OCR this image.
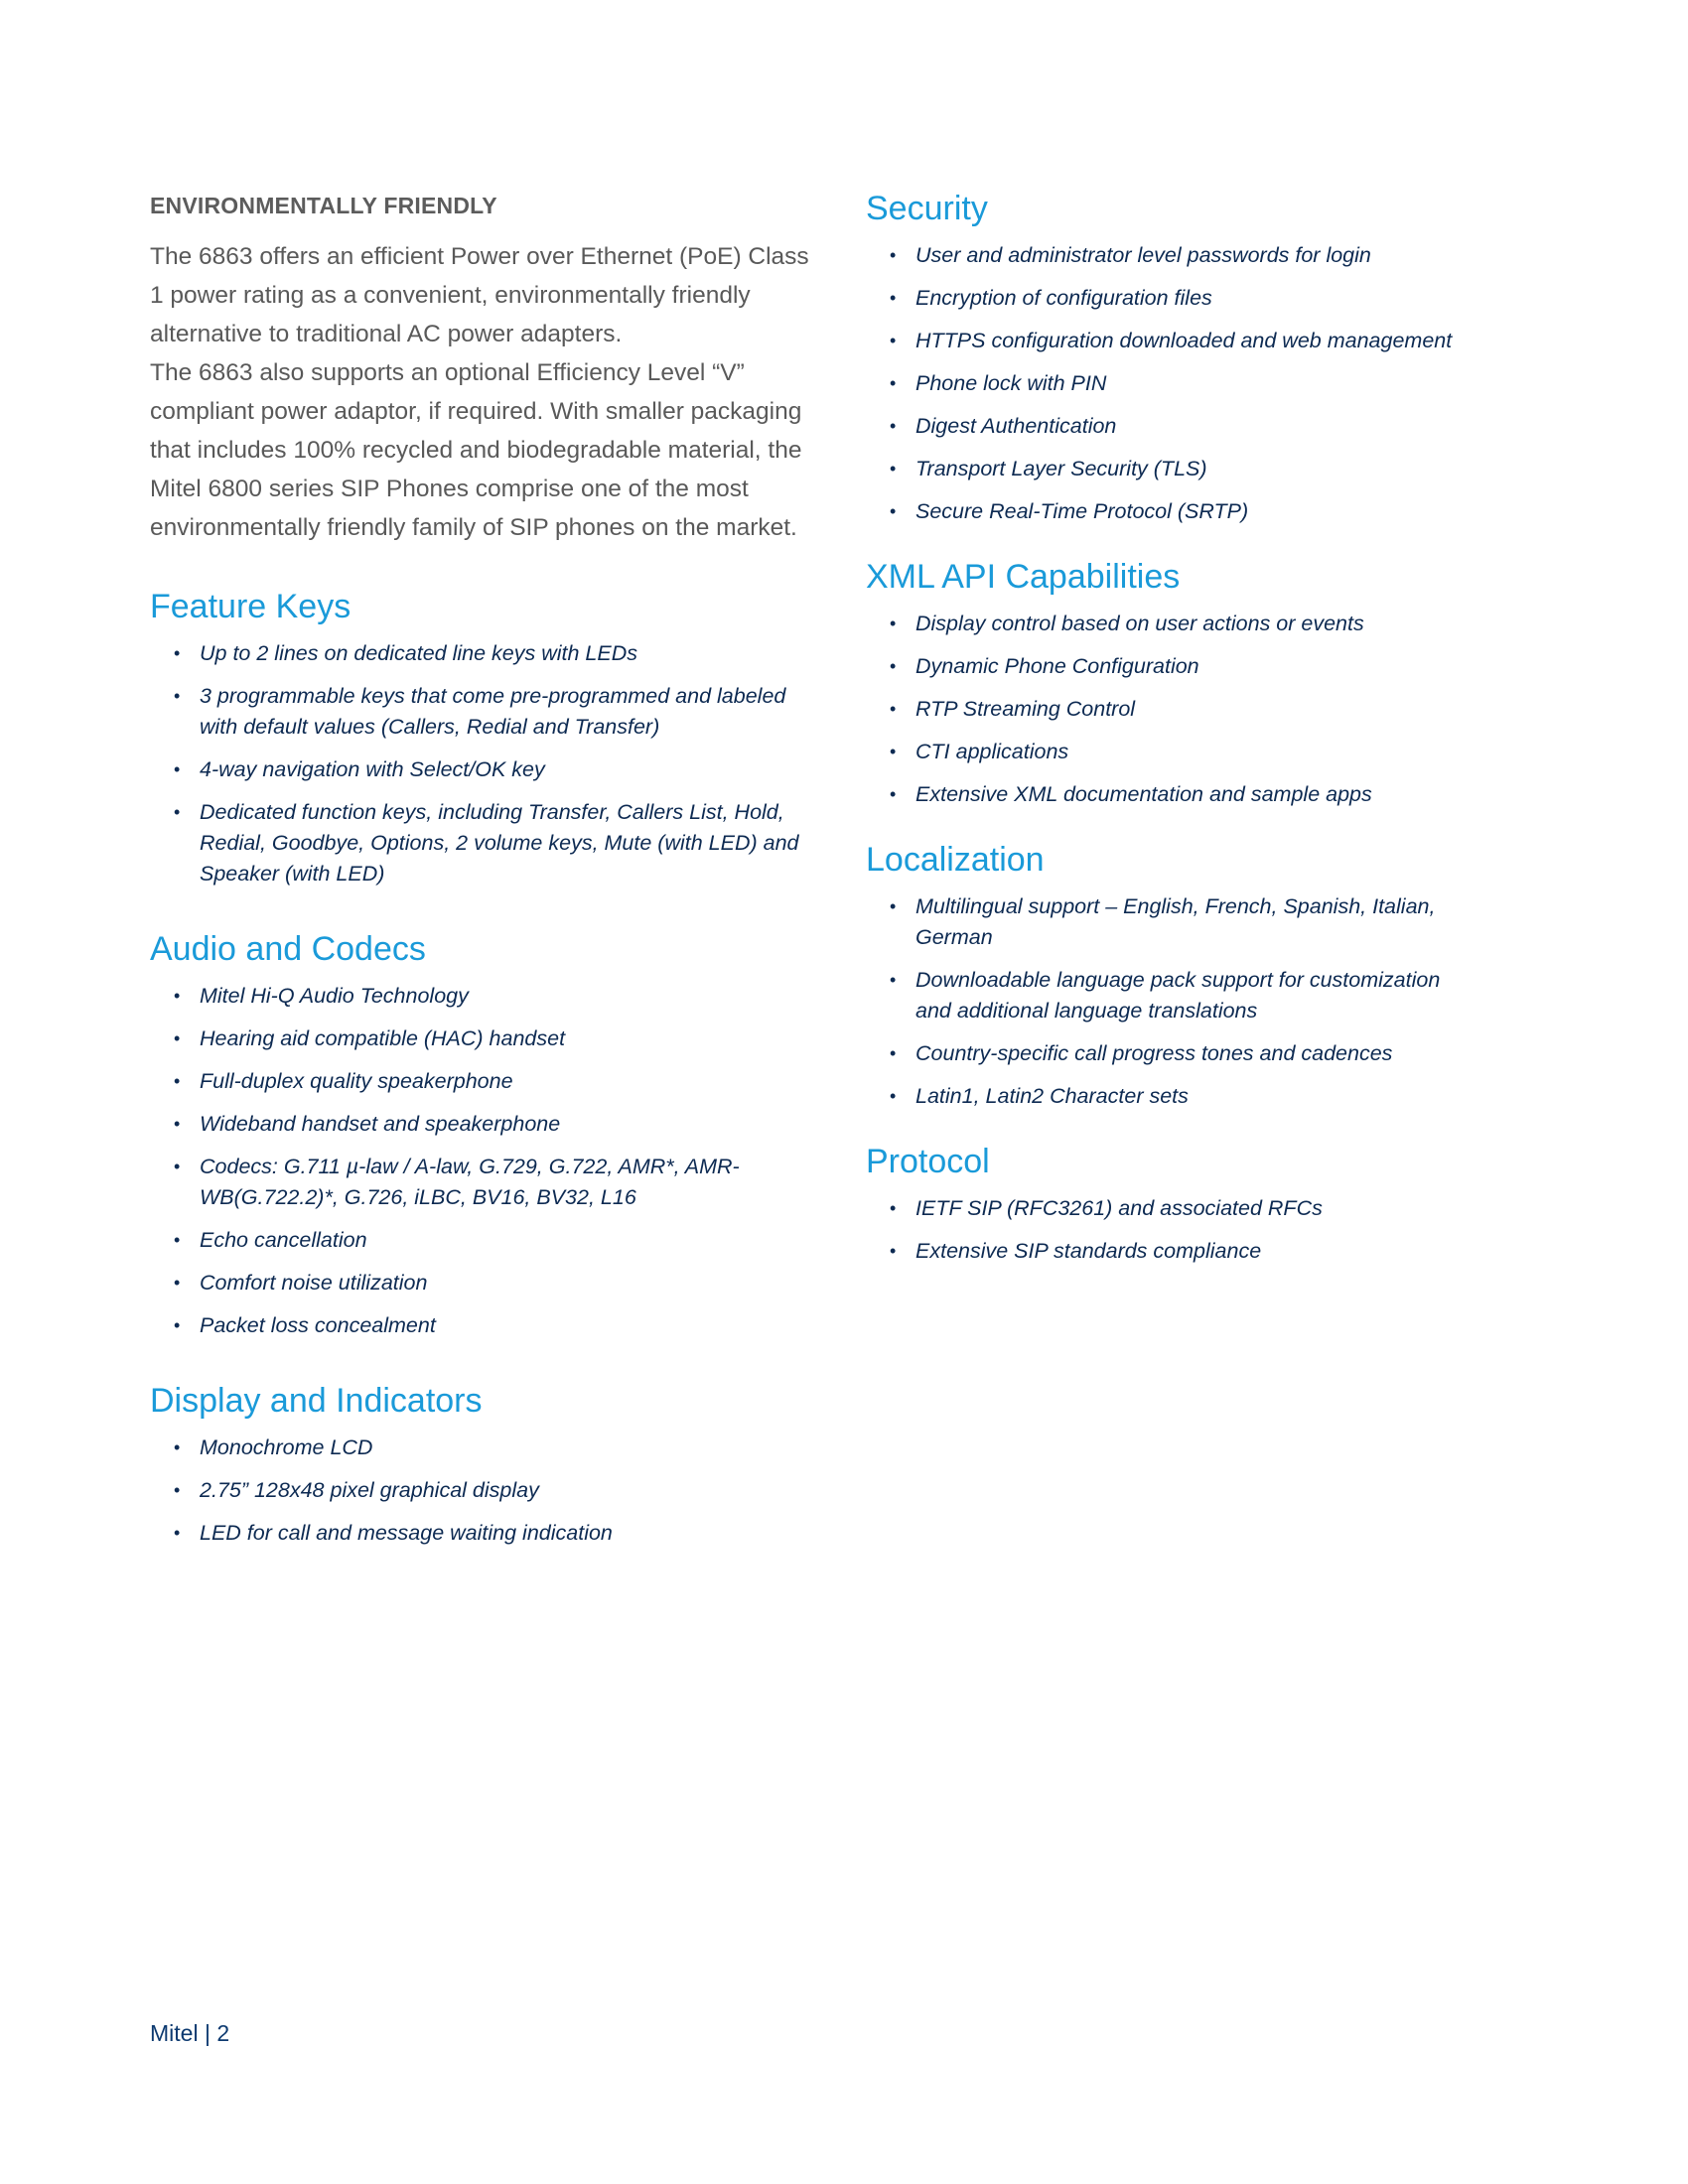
ENVIRONMENTALLY FRIENDLY

The 6863 offers an efficient Power over Ethernet (PoE) Class 1 power rating as a convenient, environmentally friendly alternative to traditional AC power adapters.

The 6863 also supports an optional Efficiency Level “V” compliant power adaptor, if required. With smaller packaging that includes 100% recycled and biodegradable material, the Mitel 6800 series SIP Phones comprise one of the most environmentally friendly family of SIP phones on the market.

Feature Keys
• Up to 2 lines on dedicated line keys with LEDs
• 3 programmable keys that come pre-programmed and labeled with default values (Callers, Redial and Transfer)
• 4-way navigation with Select/OK key
• Dedicated function keys, including Transfer, Callers List, Hold, Redial, Goodbye, Options, 2 volume keys, Mute (with LED) and Speaker (with LED)
Audio and Codecs
• Mitel Hi-Q Audio Technology
• Hearing aid compatible (HAC) handset
• Full-duplex quality speakerphone
• Wideband handset and speakerphone
• Codecs: G.711 µ-law / A-law, G.729, G.722, AMR*, AMR-WB(G.722.2)*, G.726, iLBC, BV16, BV32, L16
• Echo cancellation
• Comfort noise utilization
• Packet loss concealment
Display and Indicators
• Monochrome LCD
• 2.75” 128x48 pixel graphical display
• LED for call and message waiting indication
Security
• User and administrator level passwords for login
• Encryption of configuration files
• HTTPS configuration downloaded and web management
• Phone lock with PIN
• Digest Authentication
• Transport Layer Security (TLS)
• Secure Real-Time Protocol (SRTP)
XML API Capabilities
• Display control based on user actions or events
• Dynamic Phone Configuration
• RTP Streaming Control
• CTI applications
• Extensive XML documentation and sample apps
Localization
• Multilingual support – English, French, Spanish, Italian, German
• Downloadable language pack support for customization and additional language translations
• Country-specific call progress tones and cadences
• Latin1, Latin2 Character sets
Protocol
• IETF SIP (RFC3261) and associated RFCs
• Extensive SIP standards compliance
Mitel | 2
